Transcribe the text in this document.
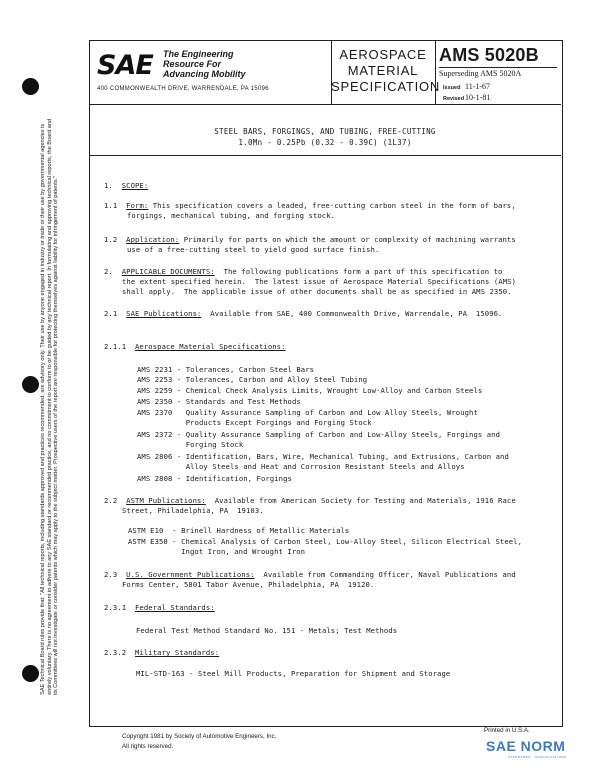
SAE Technical Board rules provide that: "All technical reports, including standards approved and practices recommended, are advisory only. Their use by anyone engaged in industry or trade or their use by governmental agencies is entirely voluntary. There is no agreement to adhere to any SAE standard or recommended practice, and no commitment to conform to or be guided by any technical report. In formulating and approving technical reports, the Board and its Committees will not investigate or consider patents which may apply to the subject matter. Prospective users of the report are responsible for protecting themselves against liability for infringement of patents."
SAE The Engineering
Resource For
Advancing Mobility
400 COMMONWEALTH DRIVE, WARRENDALE, PA 15096
AEROSPACE
MATERIAL
SPECIFICATION
AMS 5020B
Superseding AMS 5020A
Issued 11-1-67
Revised10-1-81
STEEL BARS, FORGINGS, AND TUBING, FREE-CUTTING
1.0Mn - 0.25Pb (0.32 - 0.39C) (1L37)
1. SCOPE:
1.1 Form: This specification covers a leaded, free-cutting carbon steel in the form of bars,
forgings, mechanical tubing, and forging stock.
1.2 Application: Primarily for parts on which the amount or complexity of machining warrants
use of a free-cutting steel to yield good surface finish.
2. APPLICABLE DOCUMENTS: The following publications form a part of this specification to
the extent specified herein.  The latest issue of Aerospace Material Specifications (AMS)
shall apply.  The applicable issue of other documents shall be as specified in AMS 2350.
2.1 SAE Publications: Available from SAE, 400 Commonwealth Drive, Warrendale, PA  15096.
2.1.1 Aerospace Material Specifications:
AMS 2231 - Tolerances, Carbon Steel Bars
AMS 2253 - Tolerances, Carbon and Alloy Steel Tubing
AMS 2259 - Chemical Check Analysis Limits, Wrought Low-Alloy and Carbon Steels
AMS 2350 - Standards and Test Methods
AMS 2370   Quality Assurance Sampling of Carbon and Low Alloy Steels, Wrought
Products Except Forgings and Forging Stock
AMS 2372 - Quality Assurance Sampling of Carbon and Low-Alloy Steels, Forgings and
Forging Stock
AMS 2806 - Identification, Bars, Wire, Mechanical Tubing, and Extrusions, Carbon and
Alloy Steels and Heat and Corrosion Resistant Steels and Alloys
AMS 2808 - Identification, Forgings
2.2 ASTM Publications: Available from American Society for Testing and Materials, 1916 Race
Street, Philadelphia, PA  19103.
ASTM E10  - Brinell Hardness of Metallic Materials
ASTM E350 - Chemical Analysis of Carbon Steel, Low-Alloy Steel, Silicon Electrical Steel,
Ingot Iron, and Wrought Iron
2.3 U.S. Government Publications: Available from Commanding Officer, Naval Publications and
Forms Center, 5801 Tabor Avenue, Philadelphia, PA  19120.
2.3.1 Federal Standards:
Federal Test Method Standard No. 151 - Metals; Test Methods
2.3.2 Military Standards:
MIL-STD-163 - Steel Mill Products, Preparation for Shipment and Storage
Copyright 1981 by Society of Automotive Engineers, Inc.
All rights reserved.
Printed in U.S.A.
SAE NORM
STANDARDS · SPECIFICATIONS
